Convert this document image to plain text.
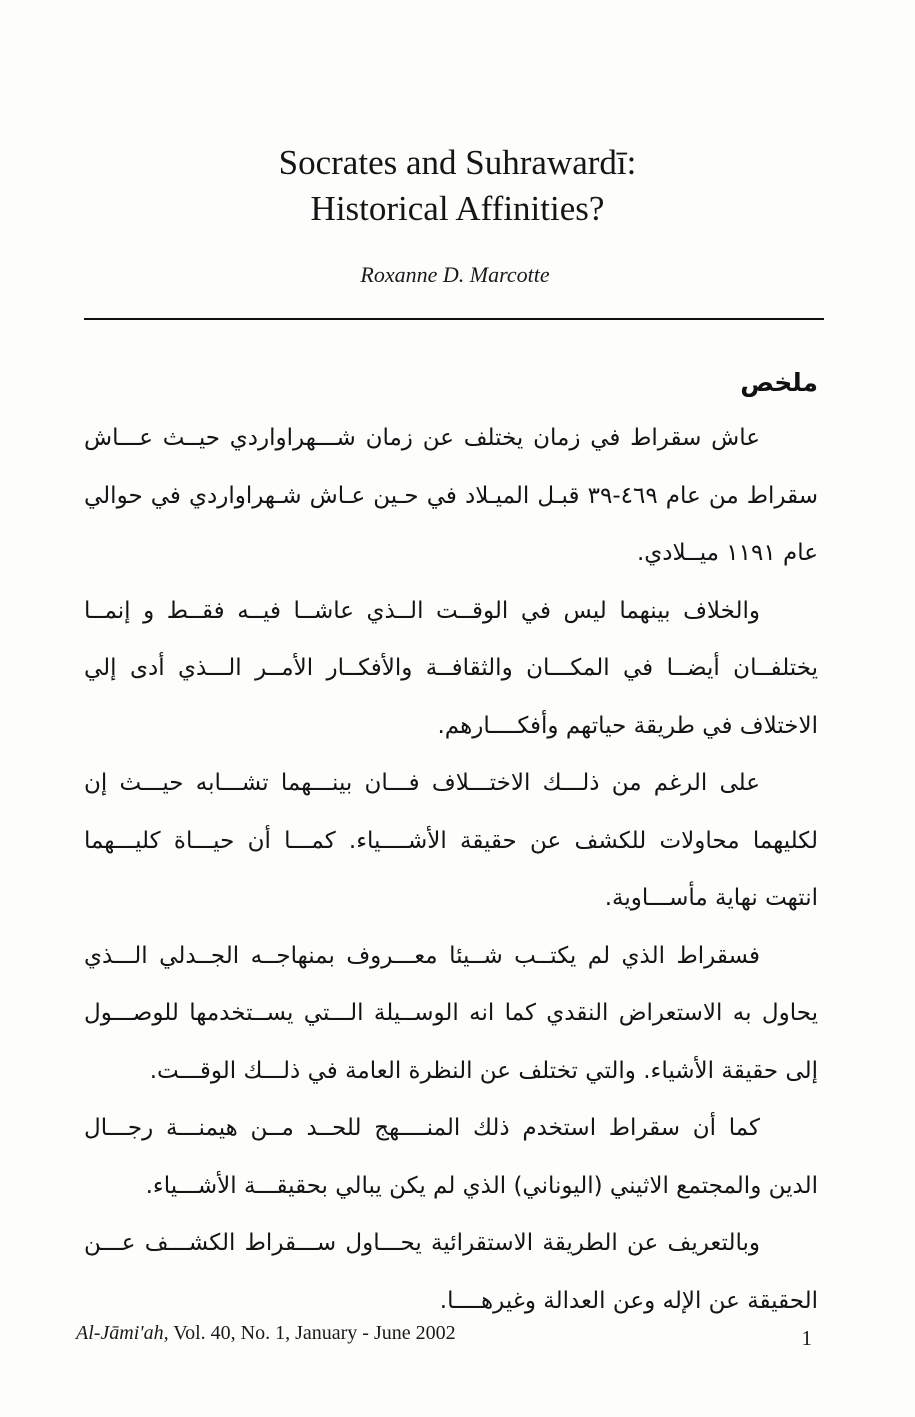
Socrates and Suhrawardī:
Historical Affinities?
Roxanne D. Marcotte
ملخص

عاش سقراط في زمان يختلف عن زمان شـــهراواردي حيــث عـــاش سقراط من عام ٤٦٩-٣٩ قبـل الميـلاد في حـين عـاش شـهراواردي في حوالي عام ١١٩١ ميــلادي.

والخلاف بينهما ليس في الوقــت الــذي عاشــا فيــه فقــط و إنمــا يختلفــان أيضــا في المكـــان والثقافــة والأفكــار الأمــر الـــذي أدى إلي الاختلاف في طريقة حياتهم وأفكــــارهم.

على الرغم من ذلـــك الاختـــلاف فـــان بينـــهما تشـــابه حيـــث إن لكليهما محاولات للكشف عن حقيقة الأشــــياء. كمـــا أن حيـــاة كليـــهما انتهت نهاية مأســـاوية.

فسقراط الذي لم يكتــب شــيئا معـــروف بمنهاجــه الجــدلي الـــذي يحاول به الاستعراض النقدي كما انه الوســيلة الـــتي يســتخدمها للوصـــول إلى حقيقة الأشياء. والتي تختلف عن النظرة العامة في ذلـــك الوقـــت.

كما أن سقراط استخدم ذلك المنــــهج للحــد مــن هيمنـــة رجـــال الدين والمجتمع الاثيني (اليوناني) الذي لم يكن يبالي بحقيقـــة الأشـــياء.

وبالتعريف عن الطريقة الاستقرائية يحـــاول ســـقراط الكشـــف عـــن الحقيقة عن الإله وعن العدالة وغيرهــــا.

Al-Jāmi'ah, Vol. 40, No. 1, January - June 2002	1
